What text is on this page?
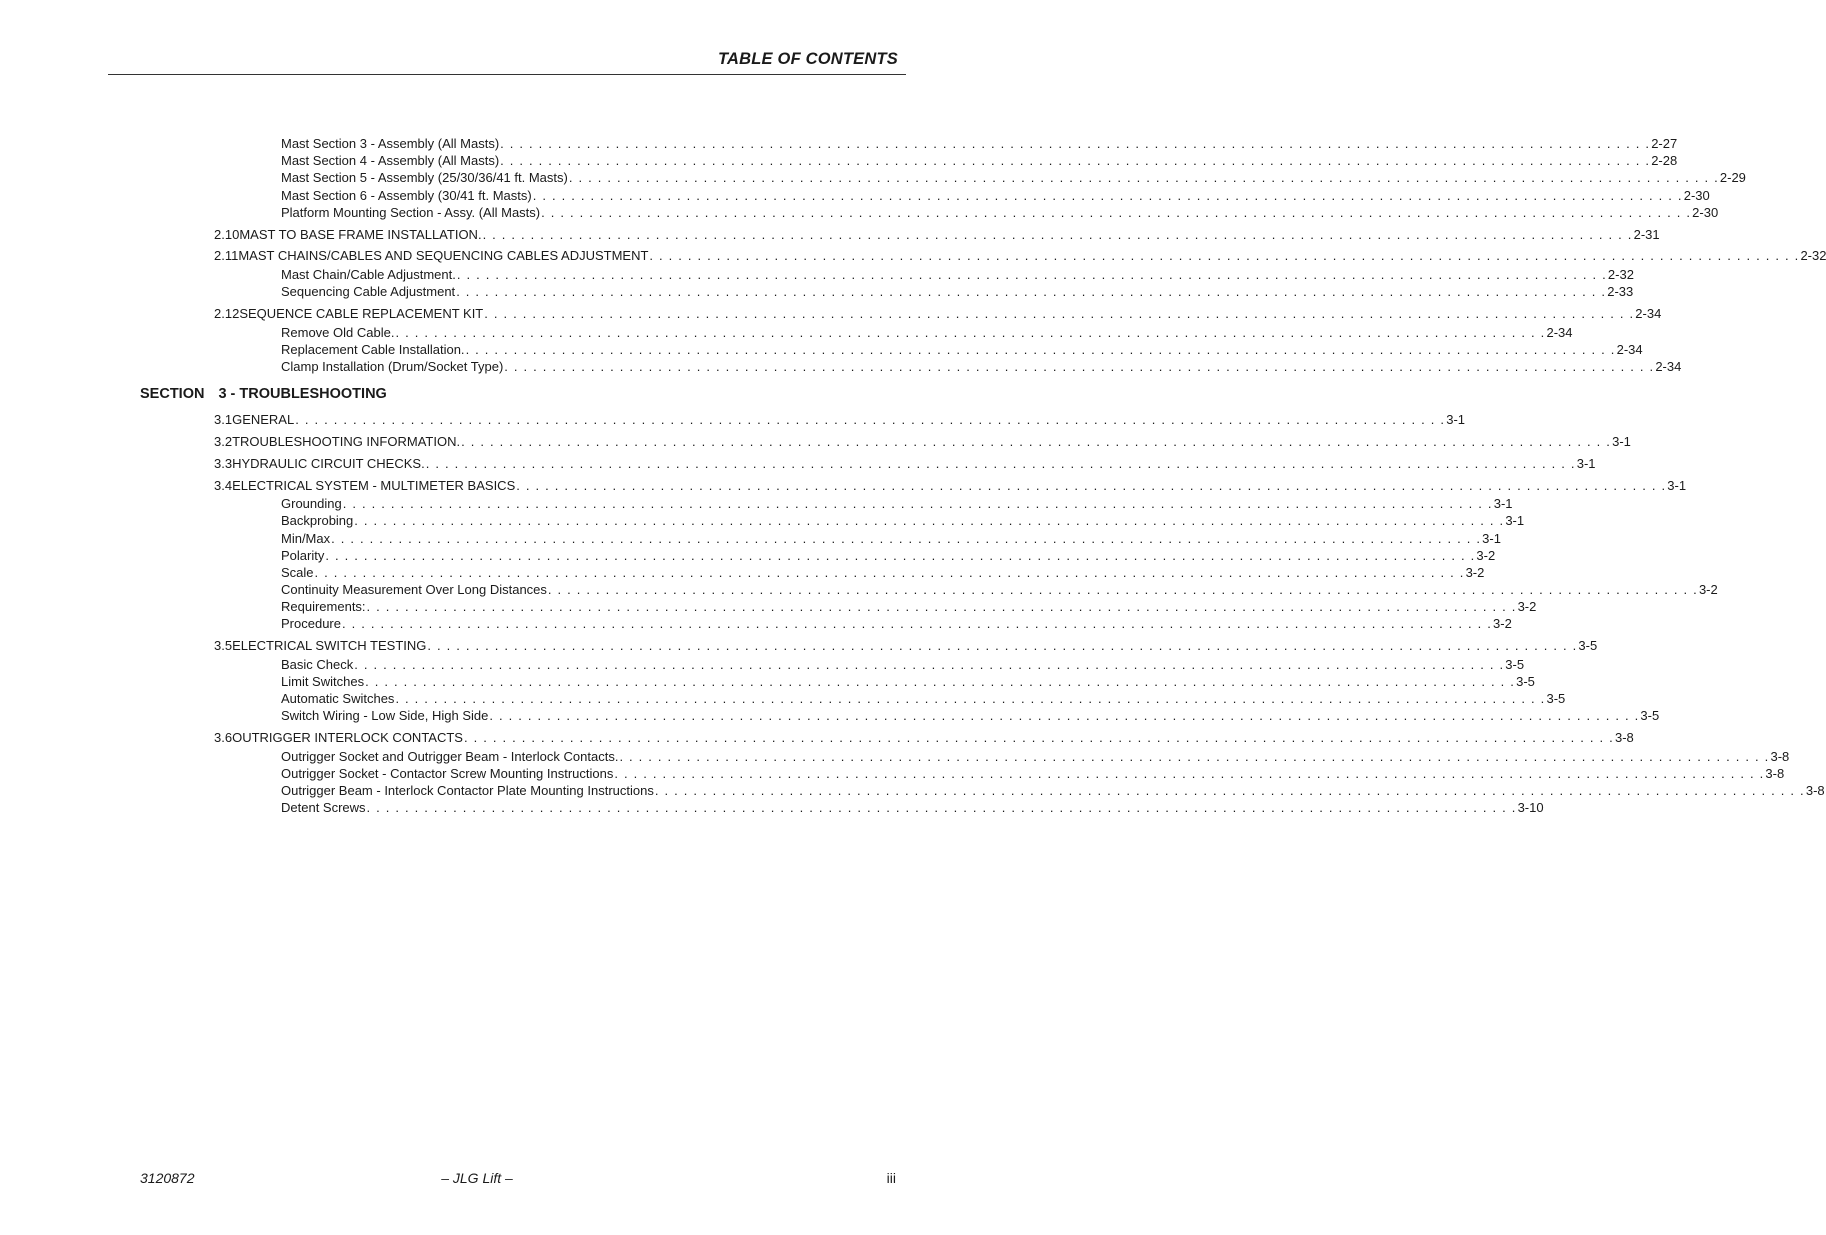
TABLE OF CONTENTS
Mast Section 3 - Assembly (All Masts) . . . . . . . . . . . . . . . . . . . . . . . . . . . . . . . . . . . . . . . . . . . . . . . . . . . . . . . . . . . . . . . . . . . . . . . . . . . . . . . . . . . . . . . . . . . . . . . . . . . . . . . . . . . . . . . . . . . . . . . . 2-27
Mast Section 4 - Assembly (All Masts) . . . . . . . . . . . . . . . . . . . . . . . . . . . . . . . . . . . . . . . . . . . . . . . . . . . . . . . . . . . . . . . . . . . . . . . . . . . . . . . . . . . . . . . . . . . . . . . . . . . . . . . . . . . . . . . . . . . . . . . . 2-28
Mast Section 5 - Assembly (25/30/36/41 ft. Masts) . . . . . . . . . . . . . . . . . . . . . . . . . . . . . . . . . . . . . . . . . . . . . . . . . . . . . . . . . . . . . . . . . . . . . . . . . . . . . . . . . . . . . . . . . . . . . . . . . . . . . . . . . . . . . . . . . . . . . . . . 2-29
Mast Section 6 - Assembly (30/41 ft. Masts) . . . . . . . . . . . . . . . . . . . . . . . . . . . . . . . . . . . . . . . . . . . . . . . . . . . . . . . . . . . . . . . . . . . . . . . . . . . . . . . . . . . . . . . . . . . . . . . . . . . . . . . . . . . . . . . . . . . . . . . . 2-30
Platform Mounting Section - Assy. (All Masts) . . . . . . . . . . . . . . . . . . . . . . . . . . . . . . . . . . . . . . . . . . . . . . . . . . . . . . . . . . . . . . . . . . . . . . . . . . . . . . . . . . . . . . . . . . . . . . . . . . . . . . . . . . . . . . . . . . . . . . . . 2-30
2.10 MAST TO BASE FRAME INSTALLATION. . . . . . . . . . . . . . . . . . . . . . . . . . . . . . . . . . . . . . . . . . . . . . . . . . . . . . . . . . . . . . . . . . . . . . . . . . . . . . . . . . . . . . . . . . . . . . . . . . . . . . . . . . . . . . . . . . . . . . . . . 2-31
2.11 MAST CHAINS/CABLES AND SEQUENCING CABLES ADJUSTMENT . . . . . . . . . . . . . . . . . . . . . . . . . . . . . . . . . . . . . . . . . . . . . . . . . . . . . . . . . . . . . . . . . . . . . . . . . . . . . . . . . . . . . . . . . . . . . . . . . . . . . . . . . . . . . . . . . . . . . . . . 2-32
Mast Chain/Cable Adjustment. . . . . . . . . . . . . . . . . . . . . . . . . . . . . . . . . . . . . . . . . . . . . . . . . . . . . . . . . . . . . . . . . . . . . . . . . . . . . . . . . . . . . . . . . . . . . . . . . . . . . . . . . . . . . . . . . . . . . . . . . 2-32
Sequencing Cable Adjustment . . . . . . . . . . . . . . . . . . . . . . . . . . . . . . . . . . . . . . . . . . . . . . . . . . . . . . . . . . . . . . . . . . . . . . . . . . . . . . . . . . . . . . . . . . . . . . . . . . . . . . . . . . . . . . . . . . . . . . . . 2-33
2.12 SEQUENCE CABLE REPLACEMENT KIT . . . . . . . . . . . . . . . . . . . . . . . . . . . . . . . . . . . . . . . . . . . . . . . . . . . . . . . . . . . . . . . . . . . . . . . . . . . . . . . . . . . . . . . . . . . . . . . . . . . . . . . . . . . . . . . . . . . . . . . . 2-34
Remove Old Cable. . . . . . . . . . . . . . . . . . . . . . . . . . . . . . . . . . . . . . . . . . . . . . . . . . . . . . . . . . . . . . . . . . . . . . . . . . . . . . . . . . . . . . . . . . . . . . . . . . . . . . . . . . . . . . . . . . . . . . . . . 2-34
Replacement Cable Installation. . . . . . . . . . . . . . . . . . . . . . . . . . . . . . . . . . . . . . . . . . . . . . . . . . . . . . . . . . . . . . . . . . . . . . . . . . . . . . . . . . . . . . . . . . . . . . . . . . . . . . . . . . . . . . . . . . . . . . . . . 2-34
Clamp Installation (Drum/Socket Type) . . . . . . . . . . . . . . . . . . . . . . . . . . . . . . . . . . . . . . . . . . . . . . . . . . . . . . . . . . . . . . . . . . . . . . . . . . . . . . . . . . . . . . . . . . . . . . . . . . . . . . . . . . . . . . . . . . . . . . . . 2-34
3.1 GENERAL . . . . . . . . . . . . . . . . . . . . . . . . . . . . . . . . . . . . . . . . . . . . . . . . . . . . . . . . . . . . . . . . . . . . . . . . . . . . . . . . . . . . . . . . . . . . . . . . . . . . . . . . . . . . . . . . . . . . . . . . 3-1
3.2 TROUBLESHOOTING INFORMATION. . . . . . . . . . . . . . . . . . . . . . . . . . . . . . . . . . . . . . . . . . . . . . . . . . . . . . . . . . . . . . . . . . . . . . . . . . . . . . . . . . . . . . . . . . . . . . . . . . . . . . . . . . . . . . . . . . . . . . . . . 3-1
3.3 HYDRAULIC CIRCUIT CHECKS. . . . . . . . . . . . . . . . . . . . . . . . . . . . . . . . . . . . . . . . . . . . . . . . . . . . . . . . . . . . . . . . . . . . . . . . . . . . . . . . . . . . . . . . . . . . . . . . . . . . . . . . . . . . . . . . . . . . . . . . . 3-1
3.4 ELECTRICAL SYSTEM - MULTIMETER BASICS . . . . . . . . . . . . . . . . . . . . . . . . . . . . . . . . . . . . . . . . . . . . . . . . . . . . . . . . . . . . . . . . . . . . . . . . . . . . . . . . . . . . . . . . . . . . . . . . . . . . . . . . . . . . . . . . . . . . . . . . 3-1
Grounding . . . . . . . . . . . . . . . . . . . . . . . . . . . . . . . . . . . . . . . . . . . . . . . . . . . . . . . . . . . . . . . . . . . . . . . . . . . . . . . . . . . . . . . . . . . . . . . . . . . . . . . . . . . . . . . . . . . . . . . . 3-1
Backprobing . . . . . . . . . . . . . . . . . . . . . . . . . . . . . . . . . . . . . . . . . . . . . . . . . . . . . . . . . . . . . . . . . . . . . . . . . . . . . . . . . . . . . . . . . . . . . . . . . . . . . . . . . . . . . . . . . . . . . . . . 3-1
Min/Max . . . . . . . . . . . . . . . . . . . . . . . . . . . . . . . . . . . . . . . . . . . . . . . . . . . . . . . . . . . . . . . . . . . . . . . . . . . . . . . . . . . . . . . . . . . . . . . . . . . . . . . . . . . . . . . . . . . . . . . . 3-1
Polarity . . . . . . . . . . . . . . . . . . . . . . . . . . . . . . . . . . . . . . . . . . . . . . . . . . . . . . . . . . . . . . . . . . . . . . . . . . . . . . . . . . . . . . . . . . . . . . . . . . . . . . . . . . . . . . . . . . . . . . . . 3-2
Scale . . . . . . . . . . . . . . . . . . . . . . . . . . . . . . . . . . . . . . . . . . . . . . . . . . . . . . . . . . . . . . . . . . . . . . . . . . . . . . . . . . . . . . . . . . . . . . . . . . . . . . . . . . . . . . . . . . . . . . . . 3-2
Continuity Measurement Over Long Distances . . . . . . . . . . . . . . . . . . . . . . . . . . . . . . . . . . . . . . . . . . . . . . . . . . . . . . . . . . . . . . . . . . . . . . . . . . . . . . . . . . . . . . . . . . . . . . . . . . . . . . . . . . . . . . . . . . . . . . . . 3-2
Requirements: . . . . . . . . . . . . . . . . . . . . . . . . . . . . . . . . . . . . . . . . . . . . . . . . . . . . . . . . . . . . . . . . . . . . . . . . . . . . . . . . . . . . . . . . . . . . . . . . . . . . . . . . . . . . . . . . . . . . . . . . 3-2
Procedure . . . . . . . . . . . . . . . . . . . . . . . . . . . . . . . . . . . . . . . . . . . . . . . . . . . . . . . . . . . . . . . . . . . . . . . . . . . . . . . . . . . . . . . . . . . . . . . . . . . . . . . . . . . . . . . . . . . . . . . . 3-2
3.5 ELECTRICAL SWITCH TESTING . . . . . . . . . . . . . . . . . . . . . . . . . . . . . . . . . . . . . . . . . . . . . . . . . . . . . . . . . . . . . . . . . . . . . . . . . . . . . . . . . . . . . . . . . . . . . . . . . . . . . . . . . . . . . . . . . . . . . . . . 3-5
Basic Check . . . . . . . . . . . . . . . . . . . . . . . . . . . . . . . . . . . . . . . . . . . . . . . . . . . . . . . . . . . . . . . . . . . . . . . . . . . . . . . . . . . . . . . . . . . . . . . . . . . . . . . . . . . . . . . . . . . . . . . . 3-5
Limit Switches . . . . . . . . . . . . . . . . . . . . . . . . . . . . . . . . . . . . . . . . . . . . . . . . . . . . . . . . . . . . . . . . . . . . . . . . . . . . . . . . . . . . . . . . . . . . . . . . . . . . . . . . . . . . . . . . . . . . . . . . 3-5
Automatic Switches . . . . . . . . . . . . . . . . . . . . . . . . . . . . . . . . . . . . . . . . . . . . . . . . . . . . . . . . . . . . . . . . . . . . . . . . . . . . . . . . . . . . . . . . . . . . . . . . . . . . . . . . . . . . . . . . . . . . . . . . 3-5
Switch Wiring - Low Side, High Side . . . . . . . . . . . . . . . . . . . . . . . . . . . . . . . . . . . . . . . . . . . . . . . . . . . . . . . . . . . . . . . . . . . . . . . . . . . . . . . . . . . . . . . . . . . . . . . . . . . . . . . . . . . . . . . . . . . . . . . . 3-5
3.6 OUTRIGGER INTERLOCK CONTACTS . . . . . . . . . . . . . . . . . . . . . . . . . . . . . . . . . . . . . . . . . . . . . . . . . . . . . . . . . . . . . . . . . . . . . . . . . . . . . . . . . . . . . . . . . . . . . . . . . . . . . . . . . . . . . . . . . . . . . . . . 3-8
Outrigger Socket and Outrigger Beam - Interlock Contacts. . . . . . . . . . . . . . . . . . . . . . . . . . . . . . . . . . . . . . . . . . . . . . . . . . . . . . . . . . . . . . . . . . . . . . . . . . . . . . . . . . . . . . . . . . . . . . . . . . . . . . . . . . . . . . . . . . . . . . . . . 3-8
Outrigger Socket - Contactor Screw Mounting Instructions . . . . . . . . . . . . . . . . . . . . . . . . . . . . . . . . . . . . . . . . . . . . . . . . . . . . . . . . . . . . . . . . . . . . . . . . . . . . . . . . . . . . . . . . . . . . . . . . . . . . . . . . . . . . . . . . . . . . . . . . 3-8
Outrigger Beam - Interlock Contactor Plate Mounting Instructions . . . . . . . . . . . . . . . . . . . . . . . . . . . . . . . . . . . . . . . . . . . . . . . . . . . . . . . . . . . . . . . . . . . . . . . . . . . . . . . . . . . . . . . . . . . . . . . . . . . . . . . . . . . . . . . . . . . . . . . . 3-8
Detent Screws . . . . . . . . . . . . . . . . . . . . . . . . . . . . . . . . . . . . . . . . . . . . . . . . . . . . . . . . . . . . . . . . . . . . . . . . . . . . . . . . . . . . . . . . . . . . . . . . . . . . . . . . . . . . . . . . . . . . . . . . 3-10
SECTION 3 - TROUBLESHOOTING
3120872	– JLG Lift –	iii
